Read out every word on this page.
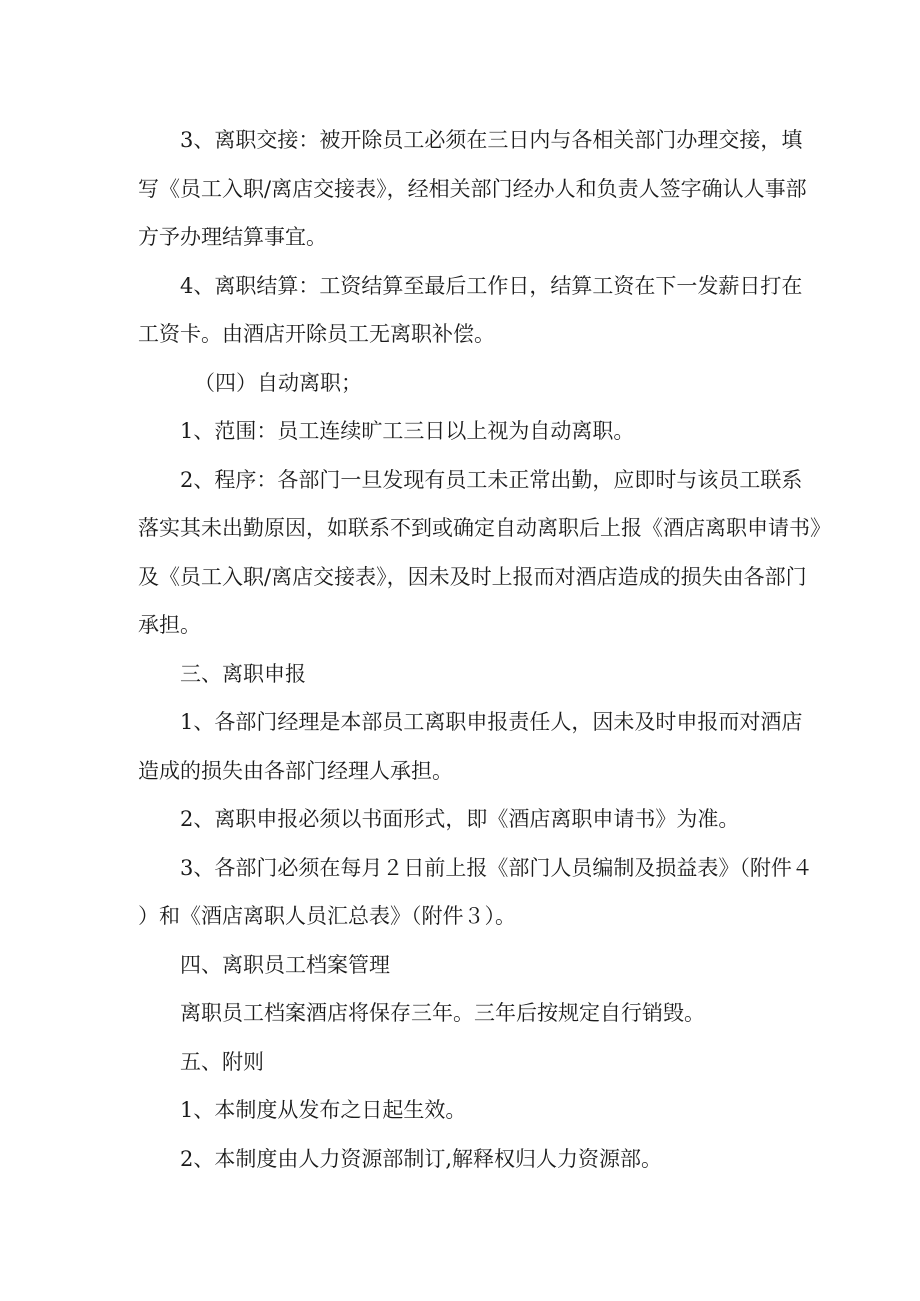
3、离职交接：被开除员工必须在三日内与各相关部门办理交接，填
写《员工入职/离店交接表》，经相关部门经办人和负责人签字确认人事部
方予办理结算事宜。
4、离职结算：工资结算至最后工作日，结算工资在下一发薪日打在
工资卡。由酒店开除员工无离职补偿。
（四）自动离职；
1、范围：员工连续旷工三日以上视为自动离职。
2、程序：各部门一旦发现有员工未正常出勤，应即时与该员工联系
落实其未出勤原因，如联系不到或确定自动离职后上报《酒店离职申请书》
及《员工入职/离店交接表》，因未及时上报而对酒店造成的损失由各部门
承担。
三、离职申报
1、各部门经理是本部员工离职申报责任人，因未及时申报而对酒店
造成的损失由各部门经理人承担。
2、离职申报必须以书面形式，即《酒店离职申请书》为准。
3、各部门必须在每月２日前上报《部门人员编制及损益表》（附件４
）和《酒店离职人员汇总表》（附件３）。
四、离职员工档案管理
离职员工档案酒店将保存三年。三年后按规定自行销毁。
五、附则
1、本制度从发布之日起生效。
2、本制度由人力资源部制订,解释权归人力资源部。
